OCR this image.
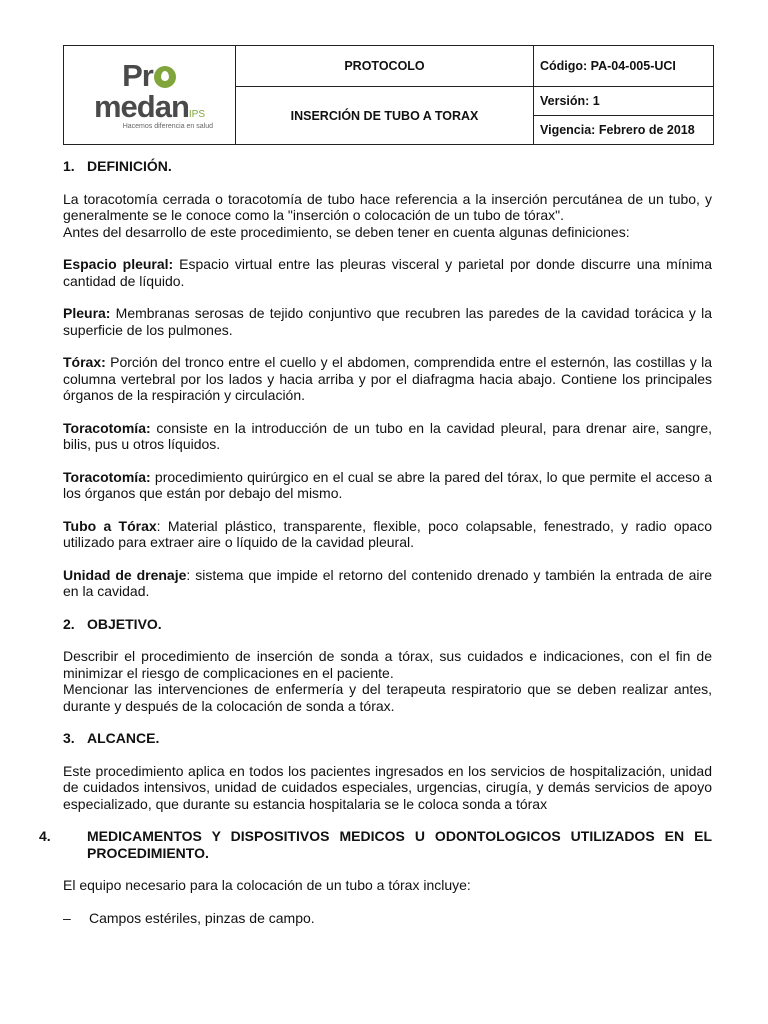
PrmedanIPS
Hacemos diferencia en salud	PROTOCOLO	Código: PA-04-005-UCI
	INSERCIÓN DE TUBO A TORAX	Versión: 1
		Vigencia: Febrero de 2018
1. DEFINICIÓN.

La toracotomía cerrada o toracotomía de tubo hace referencia a la inserción percutánea de un tubo, y generalmente se le conoce como la "inserción o colocación de un tubo de tórax".

Antes del desarrollo de este procedimiento, se deben tener en cuenta algunas definiciones:

Espacio pleural: Espacio virtual entre las pleuras visceral y parietal por donde discurre una mínima cantidad de líquido.

Pleura: Membranas serosas de tejido conjuntivo que recubren las paredes de la cavidad torácica y la superficie de los pulmones.

Tórax: Porción del tronco entre el cuello y el abdomen, comprendida entre el esternón, las costillas y la columna vertebral por los lados y hacia arriba y por el diafragma hacia abajo. Contiene los principales órganos de la respiración y circulación.

Toracotomía: consiste en la introducción de un tubo en la cavidad pleural, para drenar aire, sangre, bilis, pus u otros líquidos.

Toracotomía: procedimiento quirúrgico en el cual se abre la pared del tórax, lo que permite el acceso a los órganos que están por debajo del mismo.

Tubo a Tórax: Material plástico, transparente, flexible, poco colapsable, fenestrado, y radio opaco utilizado para extraer aire o líquido de la cavidad pleural.

Unidad de drenaje: sistema que impide el retorno del contenido drenado y también la entrada de aire en la cavidad.

2. OBJETIVO.

Describir el procedimiento de inserción de sonda a tórax, sus cuidados e indicaciones, con el fin de minimizar el riesgo de complicaciones en el paciente.

Mencionar las intervenciones de enfermería y del terapeuta respiratorio que se deben realizar antes, durante y después de la colocación de sonda a tórax.

3. ALCANCE.

Este procedimiento aplica en todos los pacientes ingresados en los servicios de hospitalización, unidad de cuidados intensivos, unidad de cuidados especiales, urgencias, cirugía, y demás servicios de apoyo especializado, que durante su estancia hospitalaria se le coloca sonda a tórax

4.	MEDICAMENTOS Y DISPOSITIVOS MEDICOS U ODONTOLOGICOS UTILIZADOS EN EL PROCEDIMIENTO.

El equipo necesario para la colocación de un tubo a tórax incluye:

– Campos estériles, pinzas de campo.
